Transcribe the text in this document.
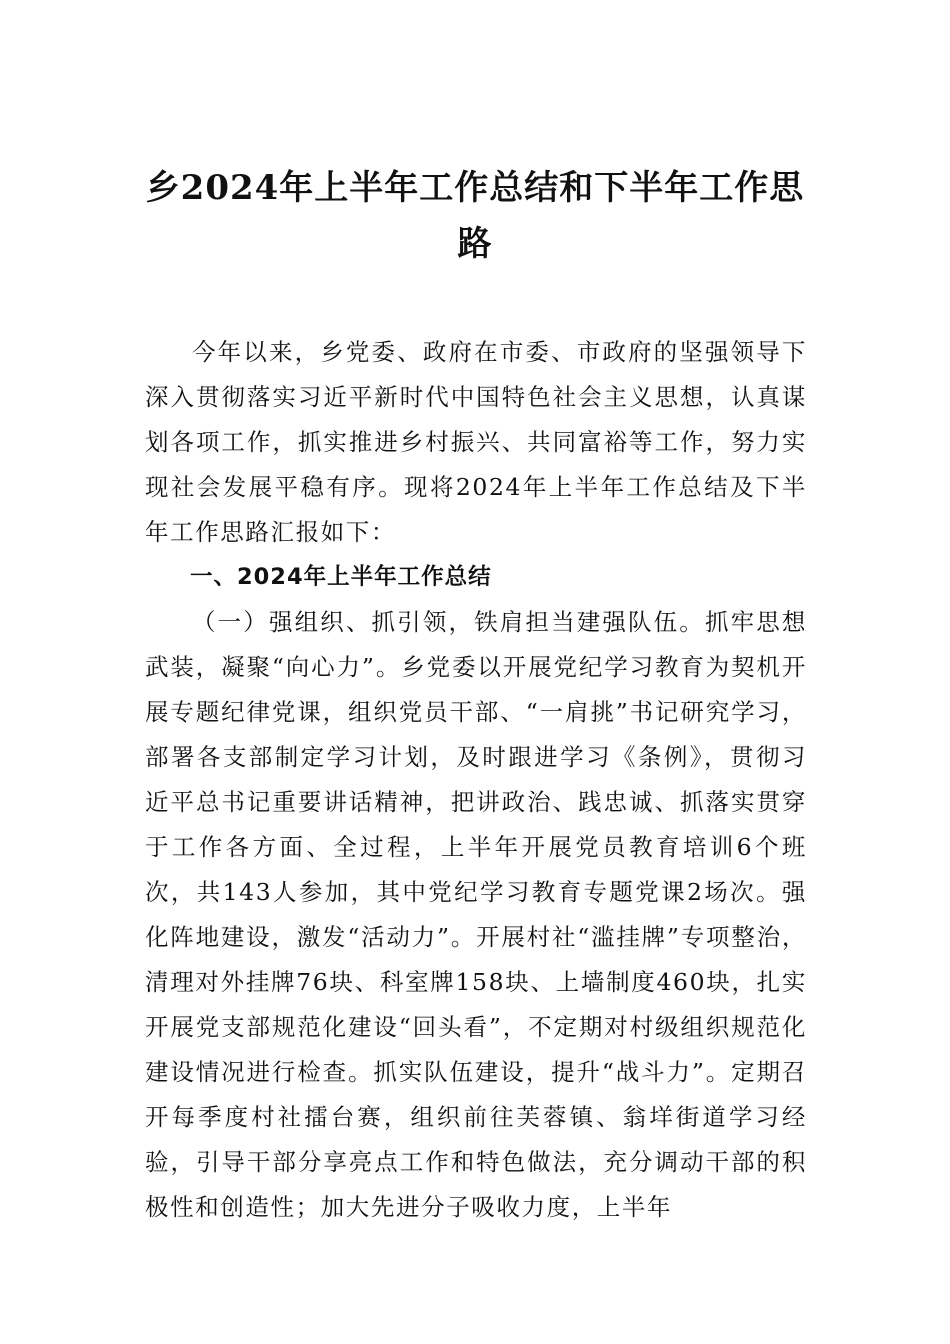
乡2024年上半年工作总结和下半年工作思路

今年以来，乡党委、政府在市委、市政府的坚强领导下深入贯彻落实习近平新时代中国特色社会主义思想，认真谋划各项工作，抓实推进乡村振兴、共同富裕等工作，努力实现社会发展平稳有序。现将2024年上半年工作总结及下半年工作思路汇报如下：

一、2024年上半年工作总结

（一）强组织、抓引领，铁肩担当建强队伍。抓牢思想武装，凝聚“向心力”。乡党委以开展党纪学习教育为契机开展专题纪律党课，组织党员干部、“一肩挑”书记研究学习，部署各支部制定学习计划，及时跟进学习《条例》，贯彻习近平总书记重要讲话精神，把讲政治、践忠诚、抓落实贯穿于工作各方面、全过程，上半年开展党员教育培训6个班次，共143人参加，其中党纪学习教育专题党课2场次。强化阵地建设，激发“活动力”。开展村社“滥挂牌”专项整治，清理对外挂牌76块、科室牌158块、上墙制度460块，扎实开展党支部规范化建设“回头看”，不定期对村级组织规范化建设情况进行检查。抓实队伍建设，提升“战斗力”。定期召开每季度村社擂台赛，组织前往芙蓉镇、翁垟街道学习经验，引导干部分享亮点工作和特色做法，充分调动干部的积极性和创造性；加大先进分子吸收力度，上半年
